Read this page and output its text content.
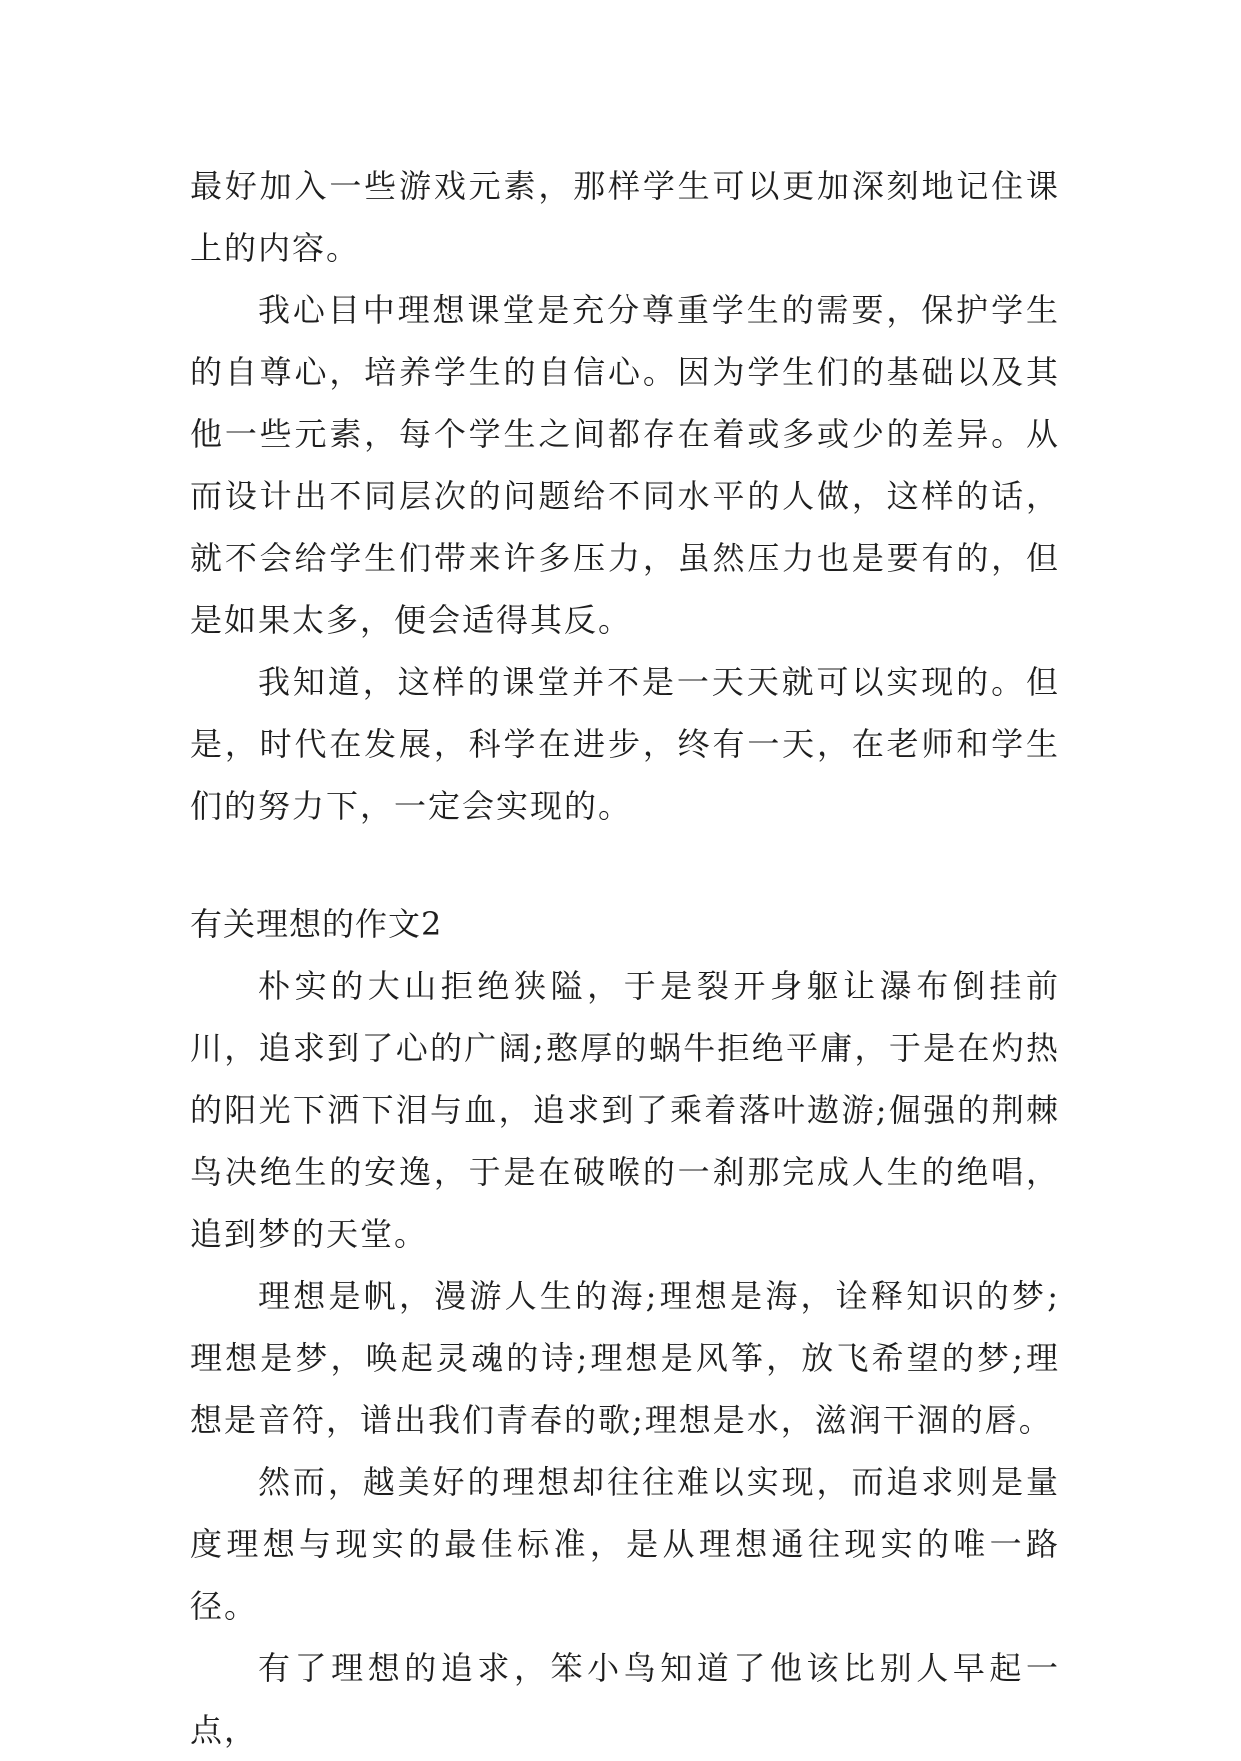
最好加入一些游戏元素，那样学生可以更加深刻地记住课上的内容。

我心目中理想课堂是充分尊重学生的需要，保护学生的自尊心，培养学生的自信心。因为学生们的基础以及其他一些元素，每个学生之间都存在着或多或少的差异。从而设计出不同层次的问题给不同水平的人做，这样的话，就不会给学生们带来许多压力，虽然压力也是要有的，但是如果太多，便会适得其反。

我知道，这样的课堂并不是一天天就可以实现的。但是，时代在发展，科学在进步，终有一天，在老师和学生们的努力下，一定会实现的。

有关理想的作文2

朴实的大山拒绝狭隘，于是裂开身躯让瀑布倒挂前川，追求到了心的广阔;憨厚的蜗牛拒绝平庸，于是在灼热的阳光下洒下泪与血，追求到了乘着落叶遨游;倔强的荆棘鸟决绝生的安逸，于是在破喉的一刹那完成人生的绝唱，追到梦的天堂。

理想是帆，漫游人生的海;理想是海，诠释知识的梦;理想是梦，唤起灵魂的诗;理想是风筝，放飞希望的梦;理想是音符，谱出我们青春的歌;理想是水，滋润干涸的唇。

然而，越美好的理想却往往难以实现，而追求则是量度理想与现实的最佳标准，是从理想通往现实的唯一路径。

有了理想的追求，笨小鸟知道了他该比别人早起一点，
